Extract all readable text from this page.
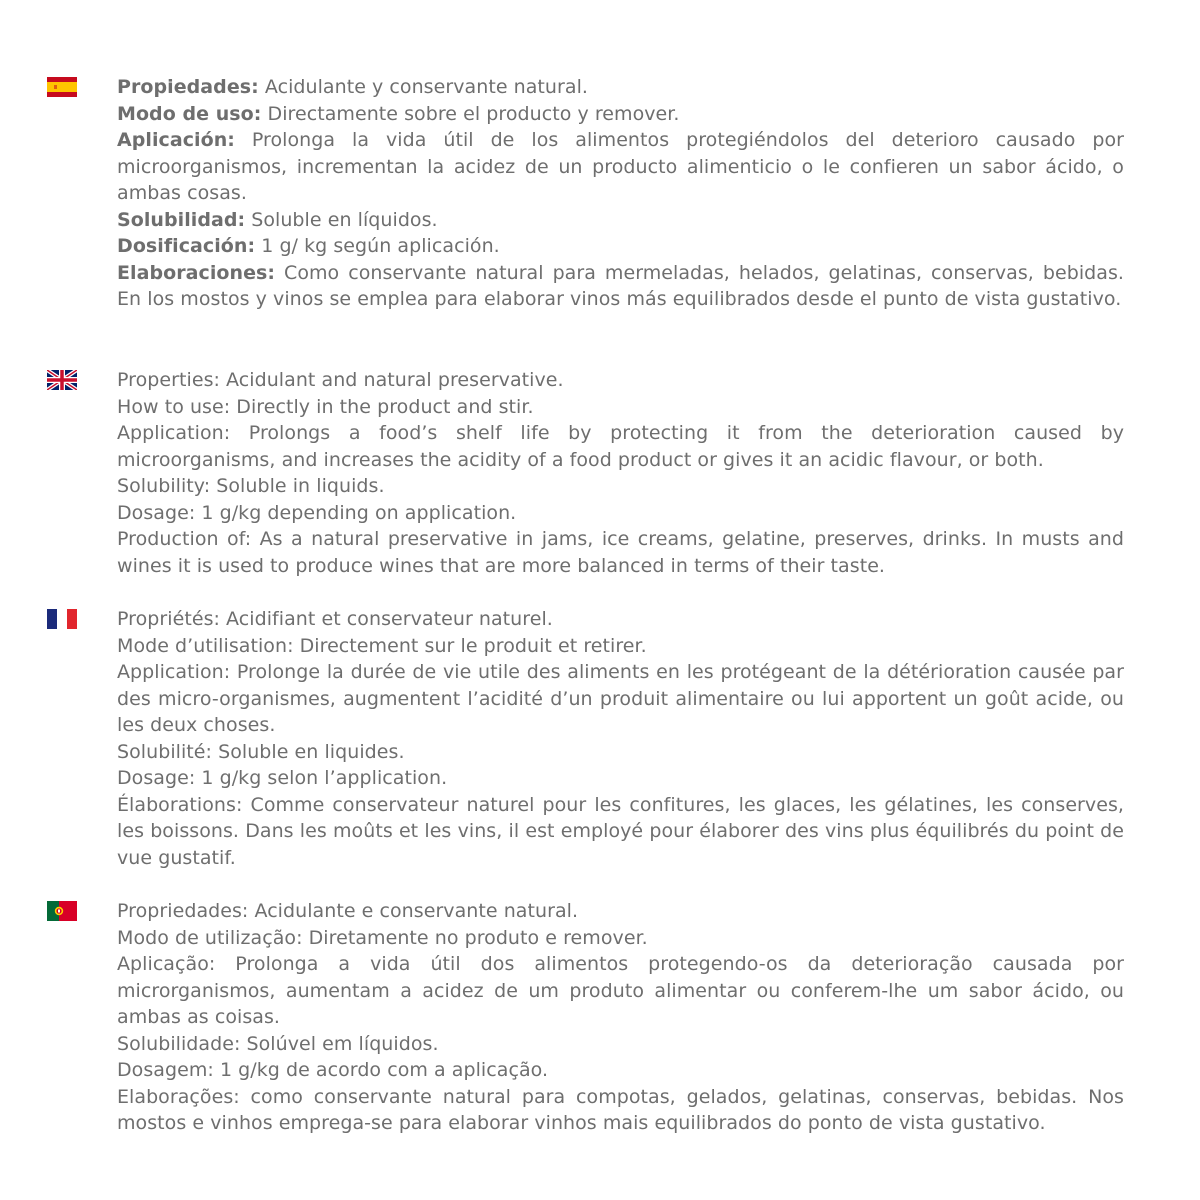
Propiedades: Acidulante y conservante natural.
Modo de uso: Directamente sobre el producto y remover.
Aplicación: Prolonga la vida útil de los alimentos protegiéndolos del deterioro causado por microorganismos, incrementan la acidez de un producto alimenticio o le confieren un sabor ácido, o ambas cosas.
Solubilidad: Soluble en líquidos.
Dosificación: 1 g/ kg según aplicación.
Elaboraciones: Como conservante natural para mermeladas, helados, gelatinas, conservas, bebidas. En los mostos y vinos se emplea para elaborar vinos más equilibrados desde el punto de vista gustativo.
Properties: Acidulant and natural preservative.
How to use: Directly in the product and stir.
Application: Prolongs a food’s shelf life by protecting it from the deterioration caused by microorganisms, and increases the acidity of a food product or gives it an acidic flavour, or both.
Solubility: Soluble in liquids.
Dosage: 1 g/kg depending on application.
Production of: As a natural preservative in jams, ice creams, gelatine, preserves, drinks. In musts and wines it is used to produce wines that are more balanced in terms of their taste.
Propriétés: Acidifiant et conservateur naturel.
Mode d’utilisation: Directement sur le produit et retirer.
Application: Prolonge la durée de vie utile des aliments en les protégeant de la détérioration causée par des micro-organismes, augmentent l’acidité d’un produit alimentaire ou lui apportent un goût acide, ou les deux choses.
Solubilité: Soluble en liquides.
Dosage: 1 g/kg selon l’application.
Élaborations: Comme conservateur naturel pour les confitures, les glaces, les gélatines, les conserves, les boissons. Dans les moûts et les vins, il est employé pour élaborer des vins plus équilibrés du point de vue gustatif.
Propriedades: Acidulante e conservante natural.
Modo de utilização: Diretamente no produto e remover.
Aplicação: Prolonga a vida útil dos alimentos protegendo-os da deterioração causada por microrganismos, aumentam a acidez de um produto alimentar ou conferem-lhe um sabor ácido, ou ambas as coisas.
Solubilidade: Solúvel em líquidos.
Dosagem: 1 g/kg de acordo com a aplicação.
Elaborações: como conservante natural para compotas, gelados, gelatinas, conservas, bebidas. Nos mostos e vinhos emprega-se para elaborar vinhos mais equilibrados do ponto de vista gustativo.
